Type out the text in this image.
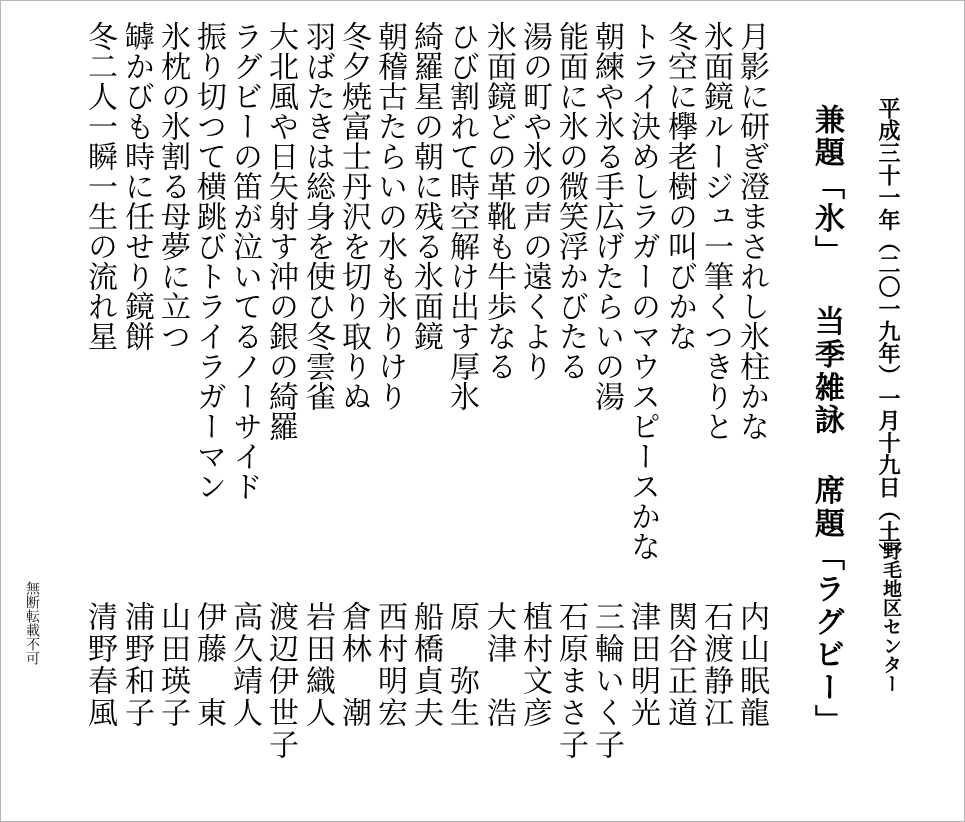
平成三十一年（二〇一九年）一月十九日（土）
野毛地区センター
兼題「氷」 当季雑詠 席題「ラグビー」
月影に研ぎ澄まされし氷柱かな
内山眠龍
氷面鏡ルージュ一筆くつきりと
石渡静江
冬空に欅老樹の叫びかな
関谷正道
トライ決めしラガーのマウスピースかな
津田明光
朝練や氷る手広げたらいの湯
三輪いく子
能面に氷の微笑浮かびたる
石原まさ子
湯の町や氷の声の遠くより
植村文彦
氷面鏡どの革靴も牛歩なる
大津　浩
ひび割れて時空解け出す厚氷
原　弥生
綺羅星の朝に残る氷面鏡
船橋貞夫
朝稽古たらいの水も氷りけり
西村明宏
冬夕焼富士丹沢を切り取りぬ
倉林　潮
羽ばたきは総身を使ひ冬雲雀
岩田織人
大北風や日矢射す沖の銀の綺羅
渡辺伊世子
ラグビーの笛が泣いてるノーサイド
高久靖人
振り切つて横跳びトライラガーマン
伊藤　東
氷枕の氷割る母夢に立つ
山田瑛子
罅かびも時に任せり鏡餅
浦野和子
冬二人一瞬一生の流れ星
清野春風
無断転載不可
